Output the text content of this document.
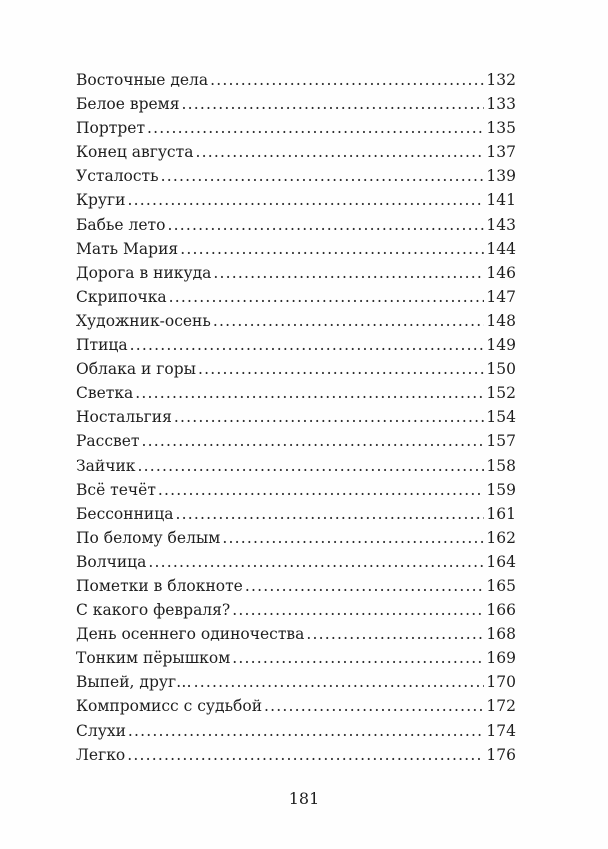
Восточные дела .....	132
Белое время .....	133
Портрет .....	135
Конец августа .....	137
Усталость .....	139
Круги .....	141
Бабье лето .....	143
Мать Мария .....	144
Дорога в никуда .....	146
Скрипочка .....	147
Художник-осень .....	148
Птица .....	149
Облака и горы .....	150
Светка .....	152
Ностальгия .....	154
Рассвет .....	157
Зайчик .....	158
Всё течёт .....	159
Бессонница .....	161
По белому белым .....	162
Волчица .....	164
Пометки в блокноте .....	165
С какого февраля? .....	166
День осеннего одиночества .....	168
Тонким пёрышком .....	169
Выпей, друг… .....	170
Компромисс с судьбой .....	172
Слухи .....	174
Легко .....	176
181
